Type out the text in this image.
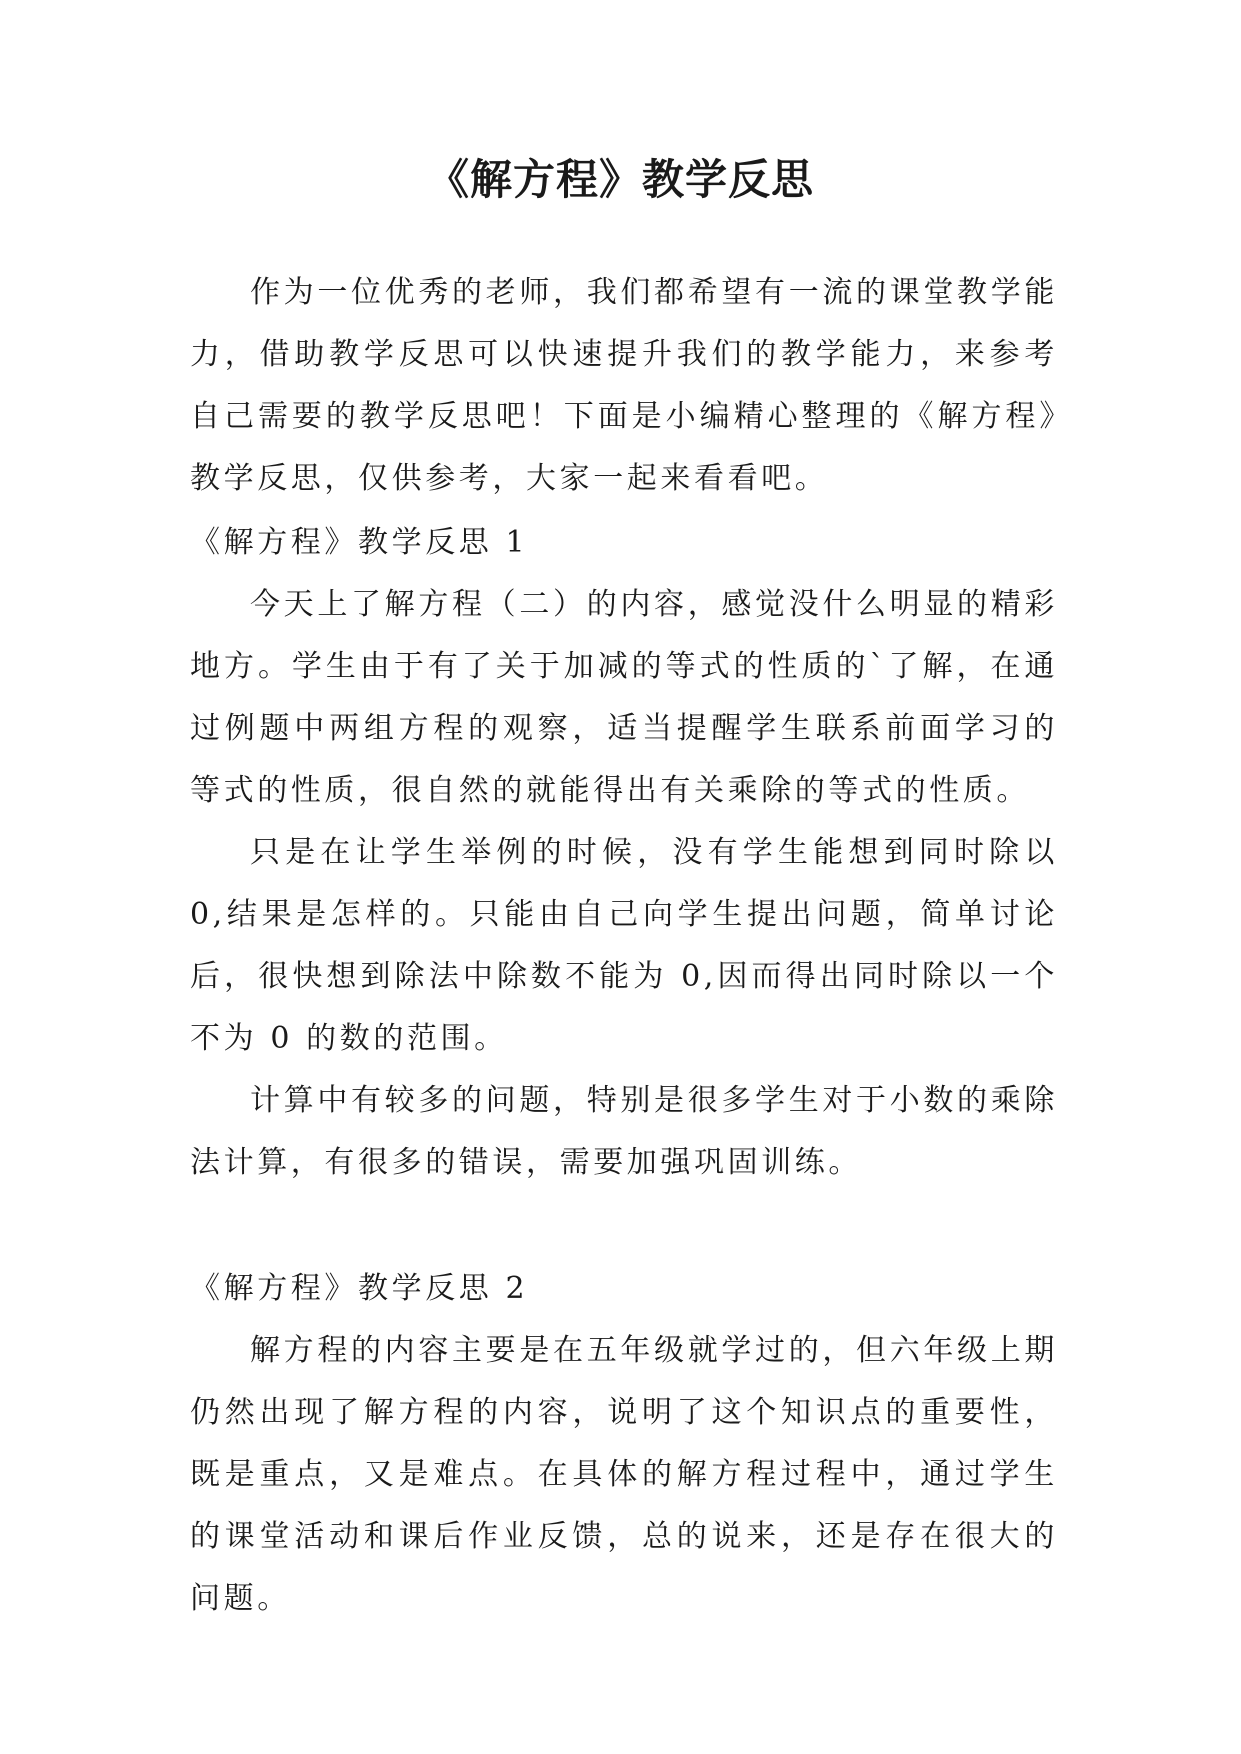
《解方程》教学反思

作为一位优秀的老师，我们都希望有一流的课堂教学能力，借助教学反思可以快速提升我们的教学能力，来参考自己需要的教学反思吧！下面是小编精心整理的《解方程》教学反思，仅供参考，大家一起来看看吧。

《解方程》教学反思 1

今天上了解方程（二）的内容，感觉没什么明显的精彩地方。学生由于有了关于加减的等式的性质的`了解，在通过例题中两组方程的观察，适当提醒学生联系前面学习的等式的性质，很自然的就能得出有关乘除的等式的性质。

只是在让学生举例的时候，没有学生能想到同时除以 0,结果是怎样的。只能由自己向学生提出问题，简单讨论后，很快想到除法中除数不能为 0,因而得出同时除以一个不为 0 的数的范围。

计算中有较多的问题，特别是很多学生对于小数的乘除法计算，有很多的错误，需要加强巩固训练。

《解方程》教学反思 2

解方程的内容主要是在五年级就学过的，但六年级上期仍然出现了解方程的内容，说明了这个知识点的重要性，既是重点，又是难点。在具体的解方程过程中，通过学生的课堂活动和课后作业反馈，总的说来，还是存在很大的问题。
